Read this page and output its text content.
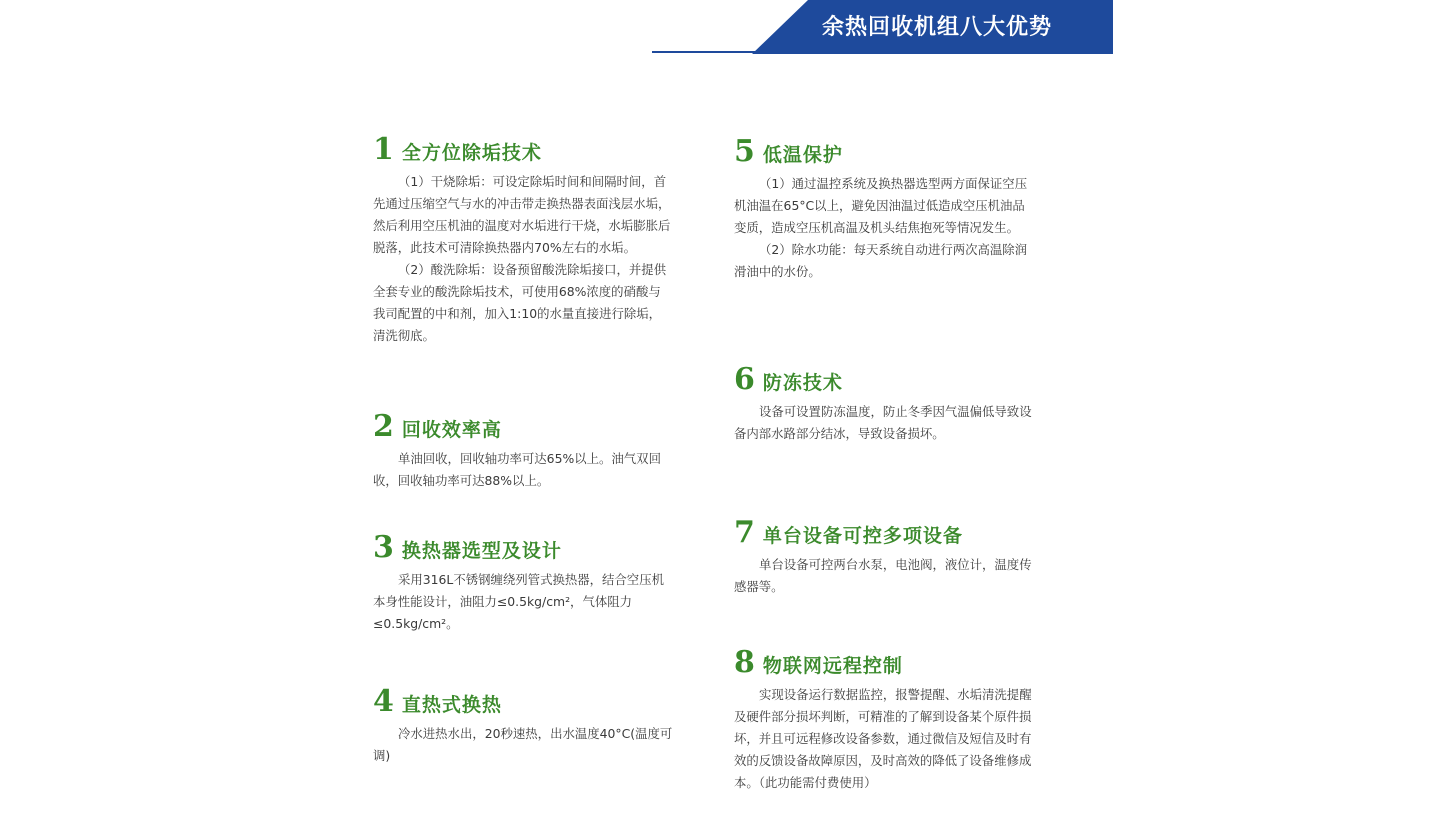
余热回收机组八大优势
1 全方位除垢技术

（1）干烧除垢：可设定除垢时间和间隔时间，首先通过压缩空气与水的冲击带走换热器表面浅层水垢，然后利用空压机油的温度对水垢进行干烧，水垢膨胀后脱落，此技术可清除换热器内70%左右的水垢。

（2）酸洗除垢：设备预留酸洗除垢接口，并提供全套专业的酸洗除垢技术，可使用68%浓度的硝酸与我司配置的中和剂，加入1:10的水量直接进行除垢，清洗彻底。

2 回收效率高

单油回收，回收轴功率可达65%以上。油气双回收，回收轴功率可达88%以上。

3 换热器选型及设计

采用316L不锈钢缠绕列管式换热器，结合空压机本身性能设计，油阻力≤0.5kg/cm²，气体阻力≤0.5kg/cm²。

4 直热式换热

冷水进热水出，20秒速热，出水温度40°C(温度可调)

5 低温保护

（1）通过温控系统及换热器选型两方面保证空压机油温在65°C以上，避免因油温过低造成空压机油品变质，造成空压机高温及机头结焦抱死等情况发生。

（2）除水功能：每天系统自动进行两次高温除润滑油中的水份。

6 防冻技术

设备可设置防冻温度，防止冬季因气温偏低导致设备内部水路部分结冰，导致设备损坏。

7 单台设备可控多项设备

单台设备可控两台水泵，电池阀，液位计，温度传感器等。

8 物联网远程控制

实现设备运行数据监控，报警提醒、水垢清洗提醒及硬件部分损坏判断，可精准的了解到设备某个原件损坏，并且可远程修改设备参数，通过微信及短信及时有效的反馈设备故障原因，及时高效的降低了设备维修成本。（此功能需付费使用）
